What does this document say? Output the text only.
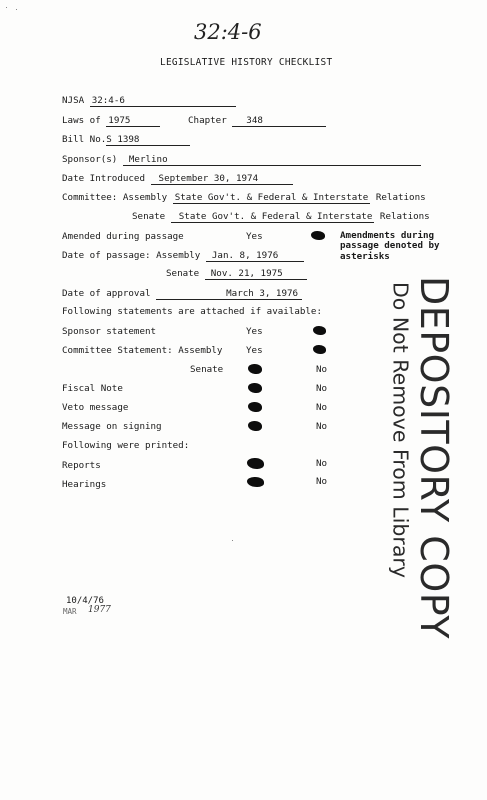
32:4-6
LEGISLATIVE HISTORY CHECKLIST
NJSA 32:4-6
Laws of 1975	Chapter 348
Bill No.S 1398
Sponsor(s) Merlino
Date Introduced September 30, 1974
Committee: Assembly State Gov't. & Federal & Interstate Relations
Senate State Gov't. & Federal & Interstate Relations
Amended during passage	Yes	Amendments during
passage denoted by
asterisks
Date of passage: Assembly Jan. 8, 1976
Senate Nov. 21, 1975
Date of approval	March 3, 1976
Following statements are attached if available:
Sponsor statement	Yes
Committee Statement: Assembly	Yes
Senate	No
Fiscal Note	No
Veto message	No
Message on signing	No
Following were printed:
Reports	No
Hearings	No DEPOSITORY COPY
Do Not Remove From Library
10/4/76
MAR 1977
